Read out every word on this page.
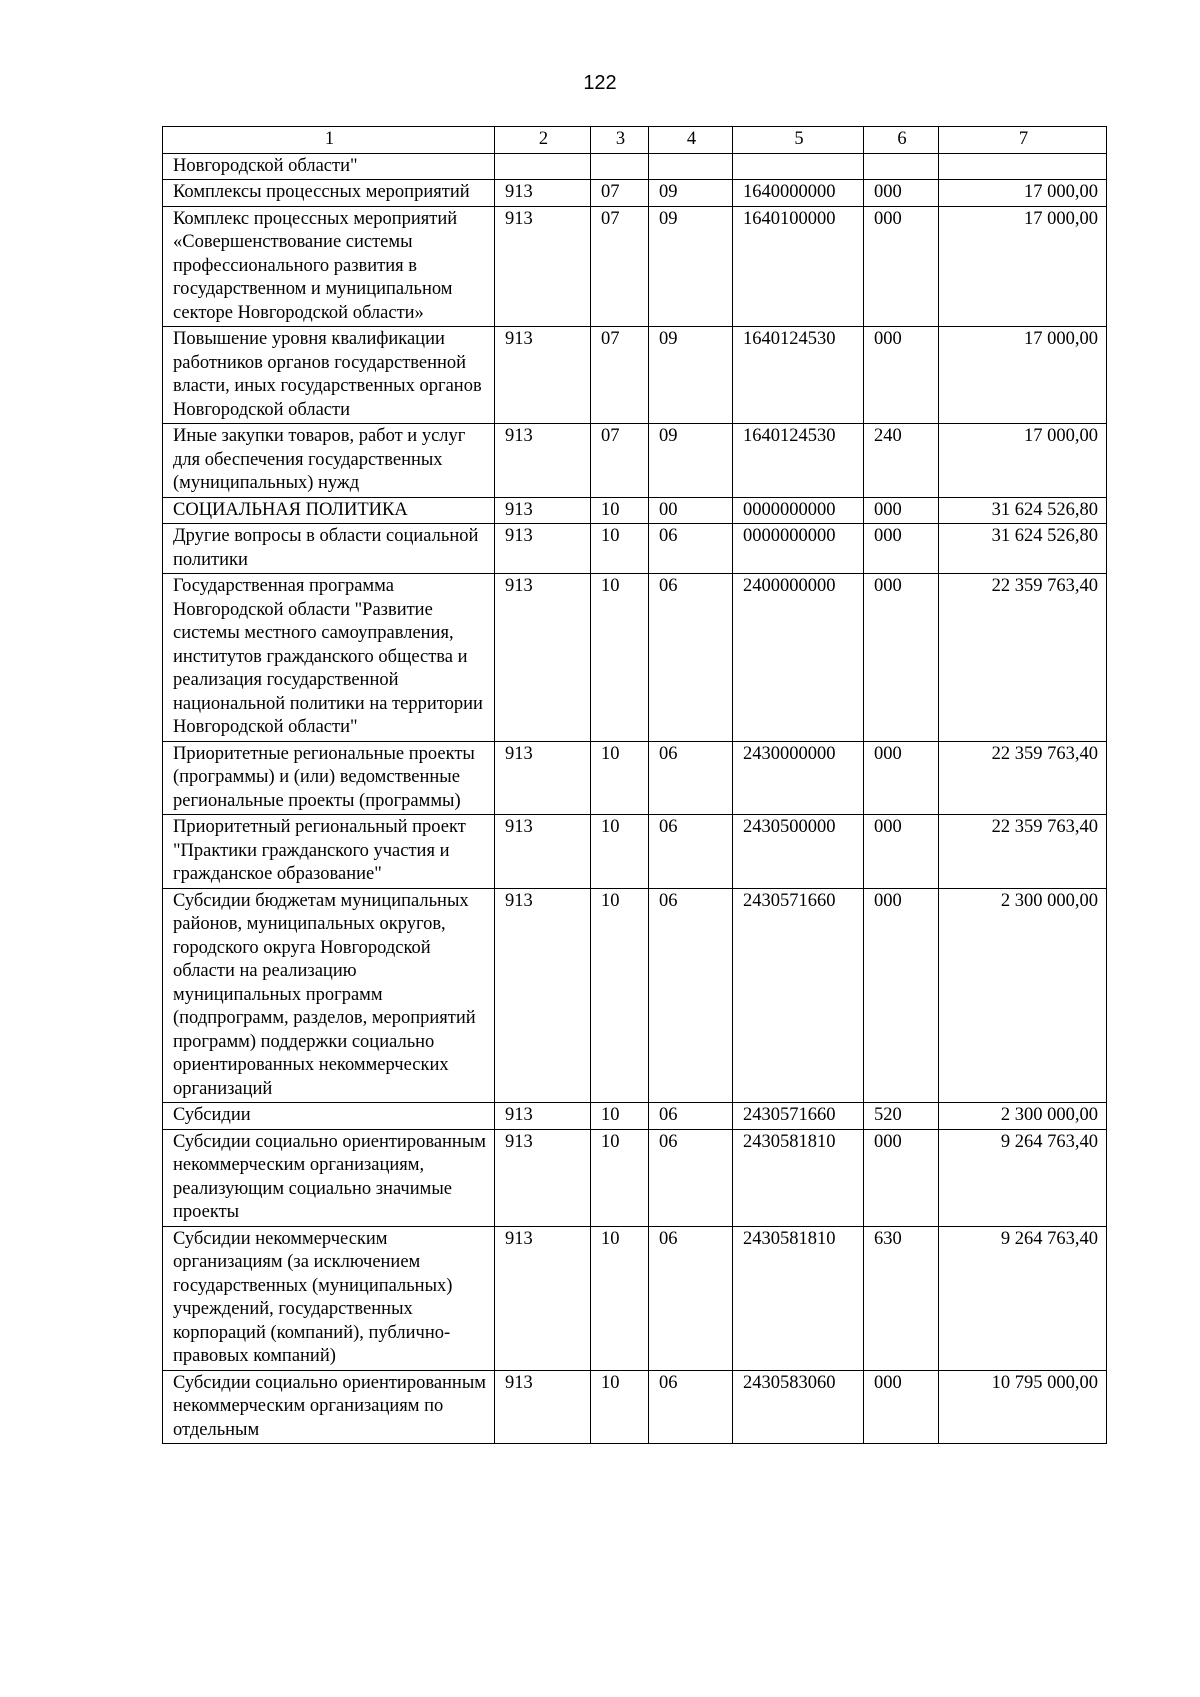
122
1	2	3	4	5	6	7
Новгородской области"						
Комплексы процессных мероприятий	913	07	09	1640000000	000	17 000,00
Комплекс процессных мероприятий «Совершенствование системы профессионального развития в государственном и муниципальном секторе Новгородской области»	913	07	09	1640100000	000	17 000,00
Повышение уровня квалификации работников органов государственной власти, иных государственных органов Новгородской области	913	07	09	1640124530	000	17 000,00
Иные закупки товаров, работ и услуг для обеспечения государственных (муниципальных) нужд	913	07	09	1640124530	240	17 000,00
СОЦИАЛЬНАЯ ПОЛИТИКА	913	10	00	0000000000	000	31 624 526,80
Другие вопросы в области социальной политики	913	10	06	0000000000	000	31 624 526,80
Государственная программа Новгородской области "Развитие системы местного самоуправления, институтов гражданского общества и реализация государственной национальной политики на территории Новгородской области"	913	10	06	2400000000	000	22 359 763,40
Приоритетные региональные проекты (программы) и (или) ведомственные региональные проекты (программы)	913	10	06	2430000000	000	22 359 763,40
Приоритетный региональный проект "Практики гражданского участия и гражданское образование"	913	10	06	2430500000	000	22 359 763,40
Субсидии бюджетам муниципальных районов, муниципальных округов, городского округа Новгородской области на реализацию муниципальных программ (подпрограмм, разделов, мероприятий программ) поддержки социально ориентированных некоммерческих организаций	913	10	06	2430571660	000	2 300 000,00
Субсидии	913	10	06	2430571660	520	2 300 000,00
Субсидии социально ориентированным некоммерческим организациям, реализующим социально значимые проекты	913	10	06	2430581810	000	9 264 763,40
Субсидии некоммерческим организациям (за исключением государственных (муниципальных) учреждений, государственных корпораций (компаний), публично-правовых компаний)	913	10	06	2430581810	630	9 264 763,40
Субсидии социально ориентированным некоммерческим организациям по отдельным	913	10	06	2430583060	000	10 795 000,00
